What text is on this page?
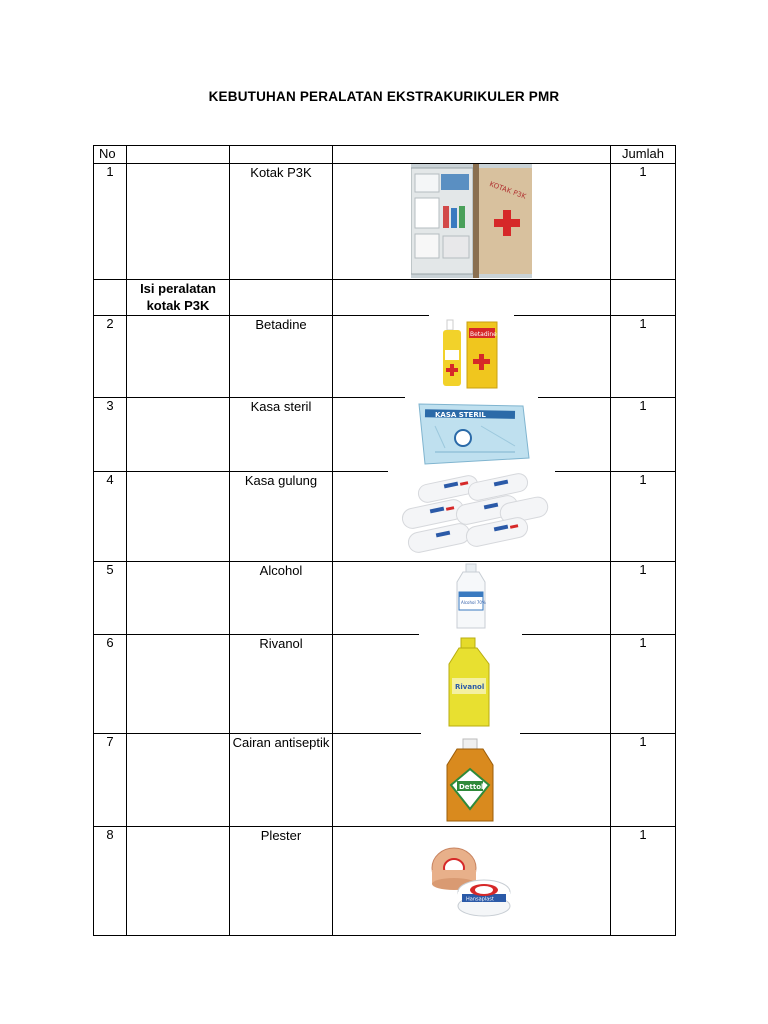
KEBUTUHAN PERALATAN EKSTRAKURIKULER PMR
No				Jumlah
1		Kotak P3K		1
	Isi peralatan kotak P3K			
2		Betadine		1
3		Kasa steril		1
4		Kasa gulung		1
5		Alcohol		1
6		Rivanol		1
7		Cairan antiseptik		1
8		Plester		1
KOTAK P3K
Betadine
KASA STERIL
Alcohol 70%
Rivanol
Dettol
Hansaplast
